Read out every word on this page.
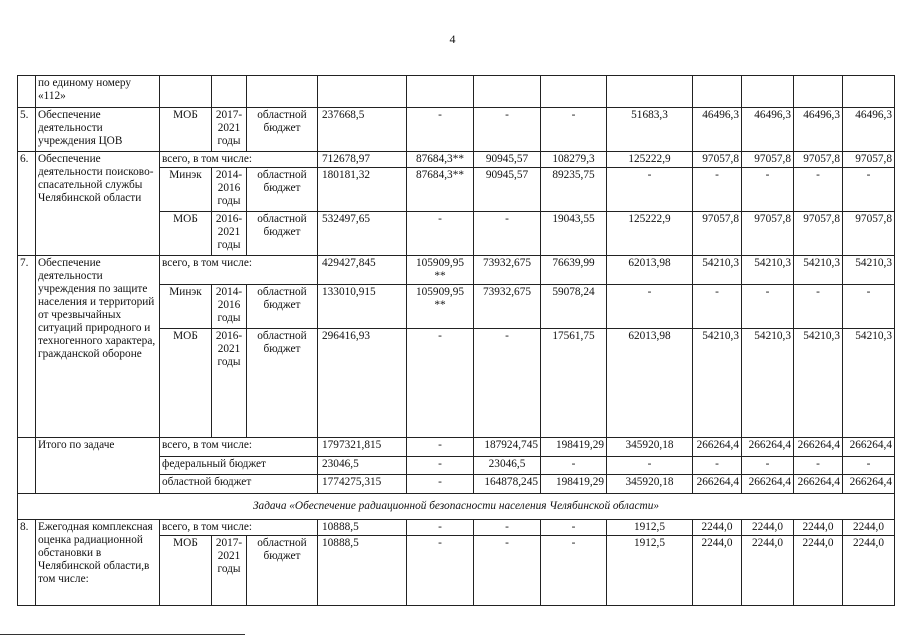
4
	по единому номеру «112»												
5.	Обеспечение деятельности учреждения ЦОВ	МОБ	2017-2021 годы	областной бюджет	237668,5	-	-	-	51683,3	46496,3	46496,3	46496,3	46496,3
6.	Обеспечение деятельности поисково-спасательной службы Челябинской области	всего, в том числе:			712678,97	87684,3**	90945,57	108279,3	125222,9	97057,8	97057,8	97057,8	97057,8
		Минэк	2014-2016 годы	областной бюджет	180181,32	87684,3**	90945,57	89235,75	-	-	-	-	-
		МОБ	2016-2021 годы	областной бюджет	532497,65	-	-	19043,55	125222,9	97057,8	97057,8	97057,8	97057,8
7.	Обеспечение деятельности учреждения по защите населения и территорий от чрезвычайных ситуаций природного и техногенного характера, гражданской обороне	всего, в том числе:			429427,845	105909,95 **	73932,675	76639,99	62013,98	54210,3	54210,3	54210,3	54210,3
		Минэк	2014-2016 годы	областной бюджет	133010,915	105909,95 **	73932,675	59078,24	-	-	-	-	-
		МОБ	2016-2021 годы	областной бюджет	296416,93	-	-	17561,75	62013,98	54210,3	54210,3	54210,3	54210,3
	Итого по задаче	всего, в том числе:			1797321,815	-	187924,745	198419,29	345920,18	266264,4	266264,4	266264,4	266264,4
		федеральный бюджет			23046,5	-	23046,5	-	-	-	-	-	-
		областной бюджет			1774275,315	-	164878,245	198419,29	345920,18	266264,4	266264,4	266264,4	266264,4
Задача «Обеспечение радиационной безопасности населения Челябинской области»													
8.	Ежегодная комплексная оценка радиационной обстановки в Челябинской области,в том числе:	всего, в том числе:			10888,5	-	-	-	1912,5	2244,0	2244,0	2244,0	2244,0
		МОБ	2017-2021 годы	областной бюджет	10888,5	-	-	-	1912,5	2244,0	2244,0	2244,0	2244,0
